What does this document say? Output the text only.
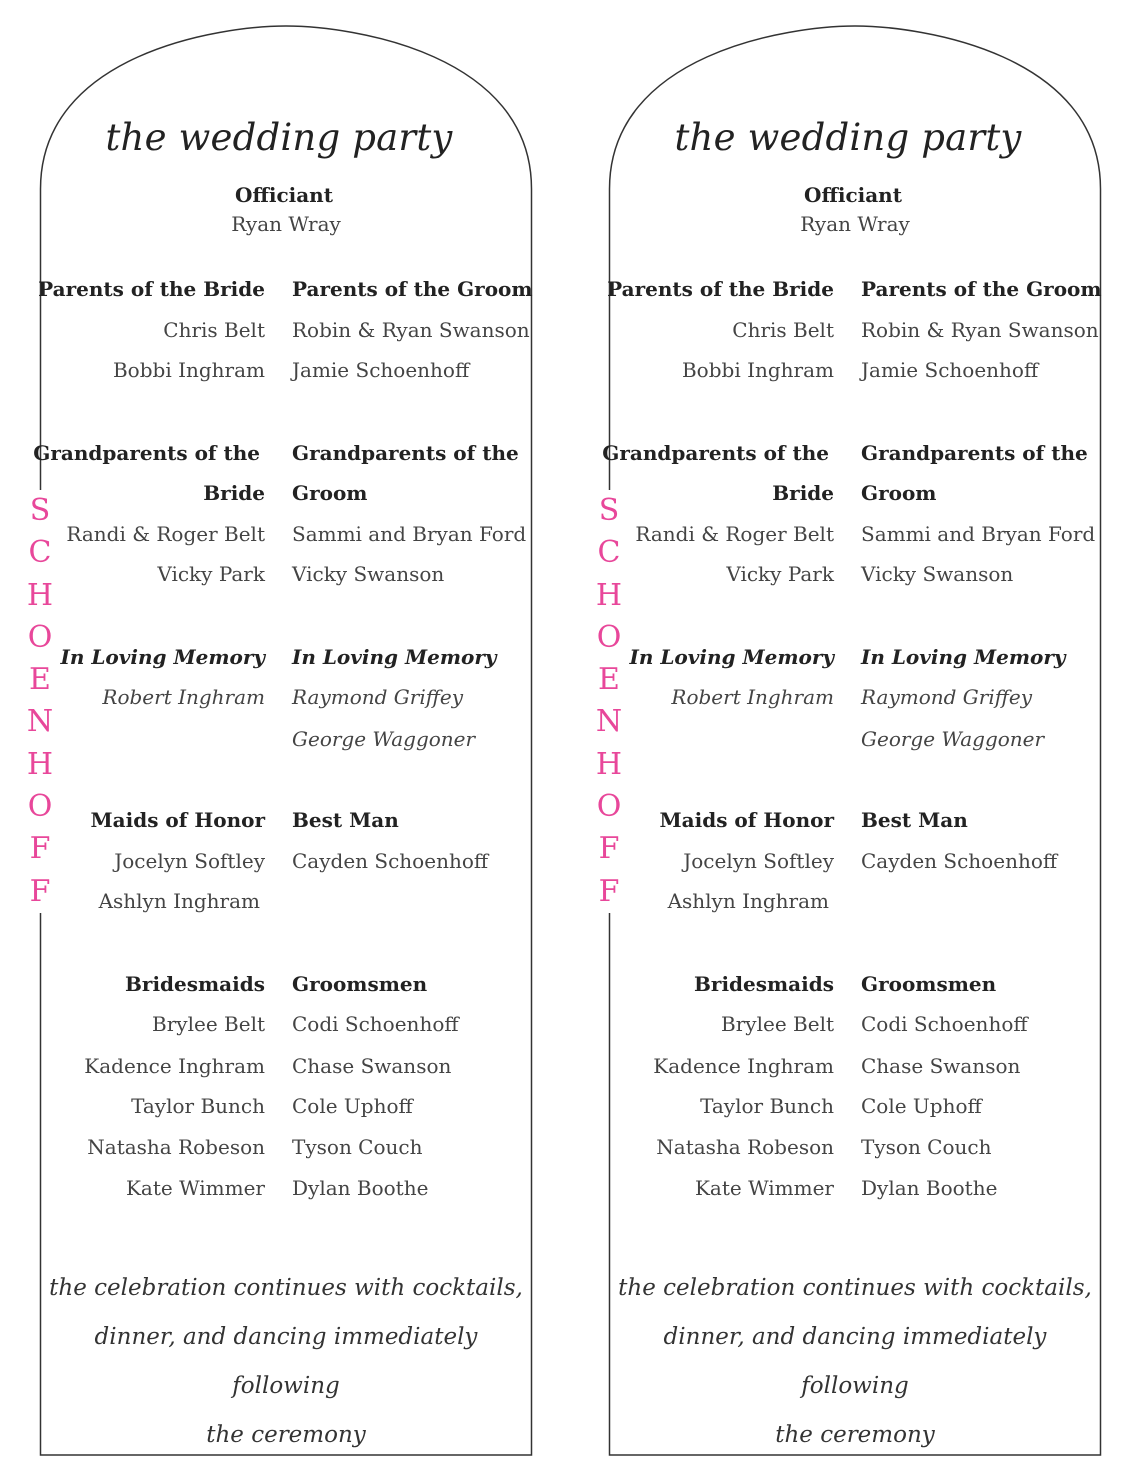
the wedding party
Officiant
Ryan Wray
Parents of the Bride Parents of the Groom
Chris Belt Robin & Ryan Swanson
Bobbi Inghram Jamie Schoenhoff
Grandparents of the Grandparents of the
Bride Groom
Randi & Roger Belt Sammi and Bryan Ford
Vicky Park Vicky Swanson
In Loving Memory In Loving Memory
Robert Inghram Raymond Griffey
George Waggoner
Maids of Honor Best Man
Jocelyn Softley Cayden Schoenhoff
Ashlyn Inghram
Bridesmaids Groomsmen
Brylee Belt Codi Schoenhoff
Kadence Inghram Chase Swanson
Taylor Bunch Cole Uphoff
Natasha Robeson Tyson Couch
Kate Wimmer Dylan Boothe
the celebration continues with cocktails,
dinner, and dancing immediately following
the ceremony
the wedding party
Officiant
Ryan Wray
Parents of the Bride Parents of the Groom
Chris Belt Robin & Ryan Swanson
Bobbi Inghram Jamie Schoenhoff
Grandparents of the Grandparents of the
Bride Groom
Randi & Roger Belt Sammi and Bryan Ford
Vicky Park Vicky Swanson
In Loving Memory In Loving Memory
Robert Inghram Raymond Griffey
George Waggoner
Maids of Honor Best Man
Jocelyn Softley Cayden Schoenhoff
Ashlyn Inghram
Bridesmaids Groomsmen
Brylee Belt Codi Schoenhoff
Kadence Inghram Chase Swanson
Taylor Bunch Cole Uphoff
Natasha Robeson Tyson Couch
Kate Wimmer Dylan Boothe
the celebration continues with cocktails,
dinner, and dancing immediately following
the ceremony
S
C
H
O
E
N
H
O
F
F
S
C
H
O
E
N
H
O
F
F
